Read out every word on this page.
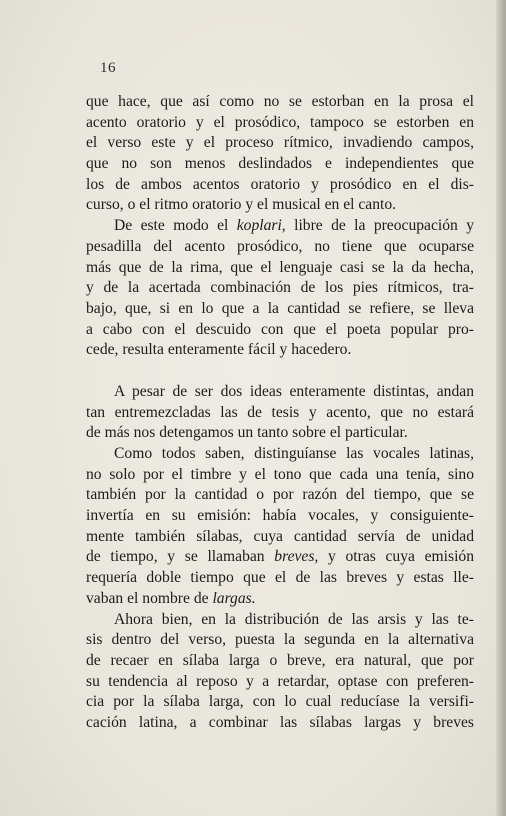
16
que hace, que así como no se estorban en la prosa el
acento oratorio y el prosódico, tampoco se estorben en
el verso este y el proceso rítmico, invadiendo campos,
que no son menos deslindados e independientes que
los de ambos acentos oratorio y prosódico en el dis-
curso, o el ritmo oratorio y el musical en el canto.
De este modo el koplari, libre de la preocupación y
pesadilla del acento prosódico, no tiene que ocuparse
más que de la rima, que el lenguaje casi se la da hecha,
y de la acertada combinación de los pies rítmicos, tra-
bajo, que, si en lo que a la cantidad se refiere, se lleva
a cabo con el descuido con que el poeta popular pro-
cede, resulta enteramente fácil y hacedero.
A pesar de ser dos ideas enteramente distintas, andan
tan entremezcladas las de tesis y acento, que no estará
de más nos detengamos un tanto sobre el particular.
Como todos saben, distinguíanse las vocales latinas,
no solo por el timbre y el tono que cada una tenía, sino
también por la cantidad o por razón del tiempo, que se
invertía en su emisión: había vocales, y consiguiente-
mente también sílabas, cuya cantidad servía de unidad
de tiempo, y se llamaban breves, y otras cuya emisión
requería doble tiempo que el de las breves y estas lle-
vaban el nombre de largas.
Ahora bien, en la distribución de las arsis y las te-
sis dentro del verso, puesta la segunda en la alternativa
de recaer en sílaba larga o breve, era natural, que por
su tendencia al reposo y a retardar, optase con preferen-
cia por la sílaba larga, con lo cual reducíase la versifi-
cación latina, a combinar las sílabas largas y breves
